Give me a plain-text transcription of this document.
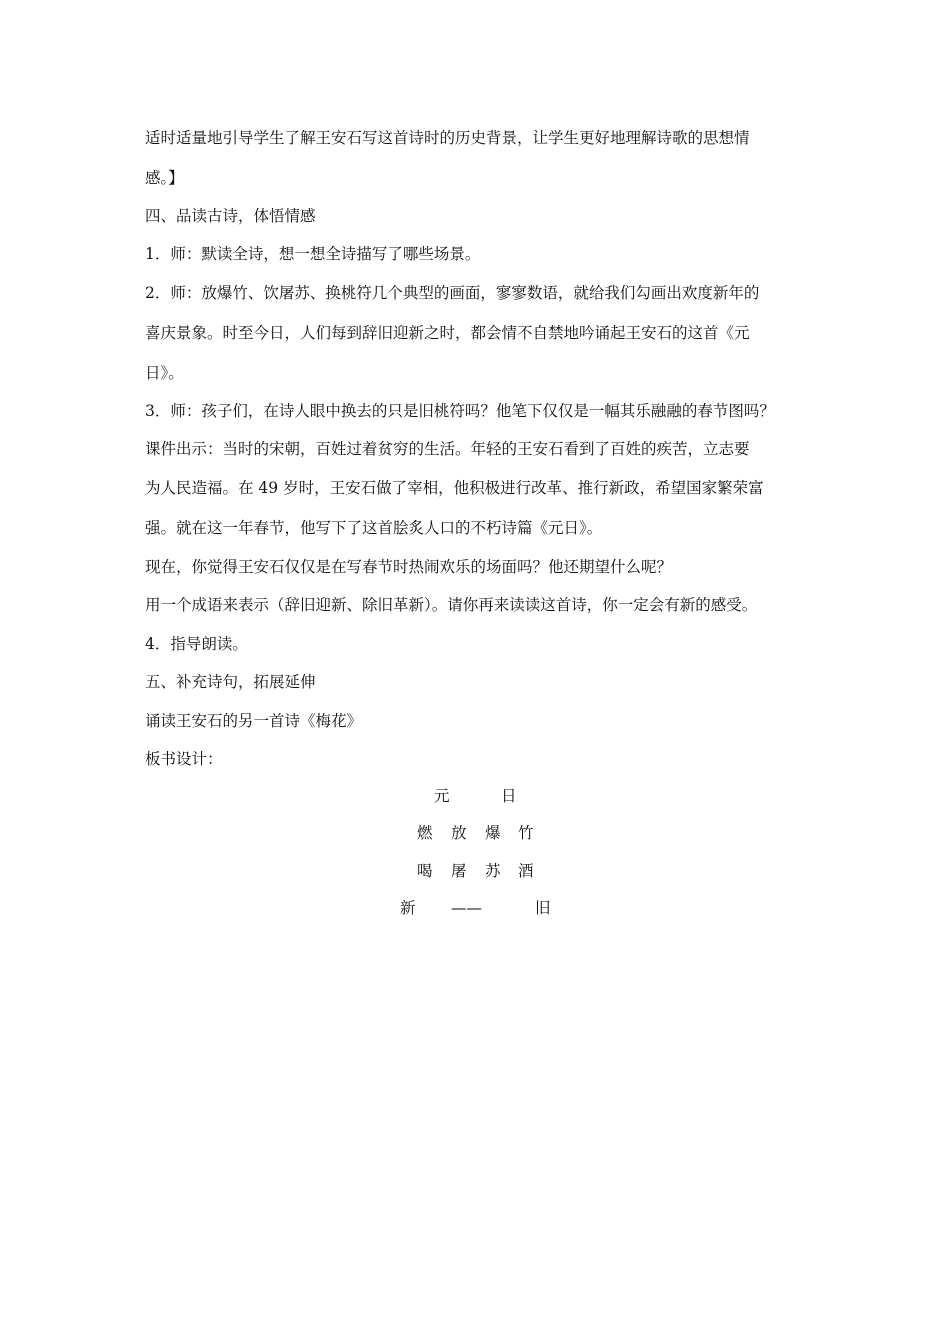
适时适量地引导学生了解王安石写这首诗时的历史背景，让学生更好地理解诗歌的思想情
感。】
四、品读古诗，体悟情感
1．师：默读全诗，想一想全诗描写了哪些场景。
2．师：放爆竹、饮屠苏、换桃符几个典型的画面，寥寥数语，就给我们勾画出欢度新年的
喜庆景象。时至今日，人们每到辞旧迎新之时，都会情不自禁地吟诵起王安石的这首《元
日》。
3．师：孩子们，在诗人眼中换去的只是旧桃符吗？他笔下仅仅是一幅其乐融融的春节图吗？
课件出示：当时的宋朝，百姓过着贫穷的生活。年轻的王安石看到了百姓的疾苦，立志要
为人民造福。在 49 岁时，王安石做了宰相，他积极进行改革、推行新政，希望国家繁荣富
强。就在这一年春节，他写下了这首脍炙人口的不朽诗篇《元日》。
现在，你觉得王安石仅仅是在写春节时热闹欢乐的场面吗？他还期望什么呢？
用一个成语来表示（辞旧迎新、除旧革新）。请你再来读读这首诗，你一定会有新的感受。
4．指导朗读。
五、补充诗句，拓展延伸
诵读王安石的另一首诗《梅花》
板书设计：
元	日
燃 放 爆 竹
喝 屠 苏 酒
新 ——	旧
